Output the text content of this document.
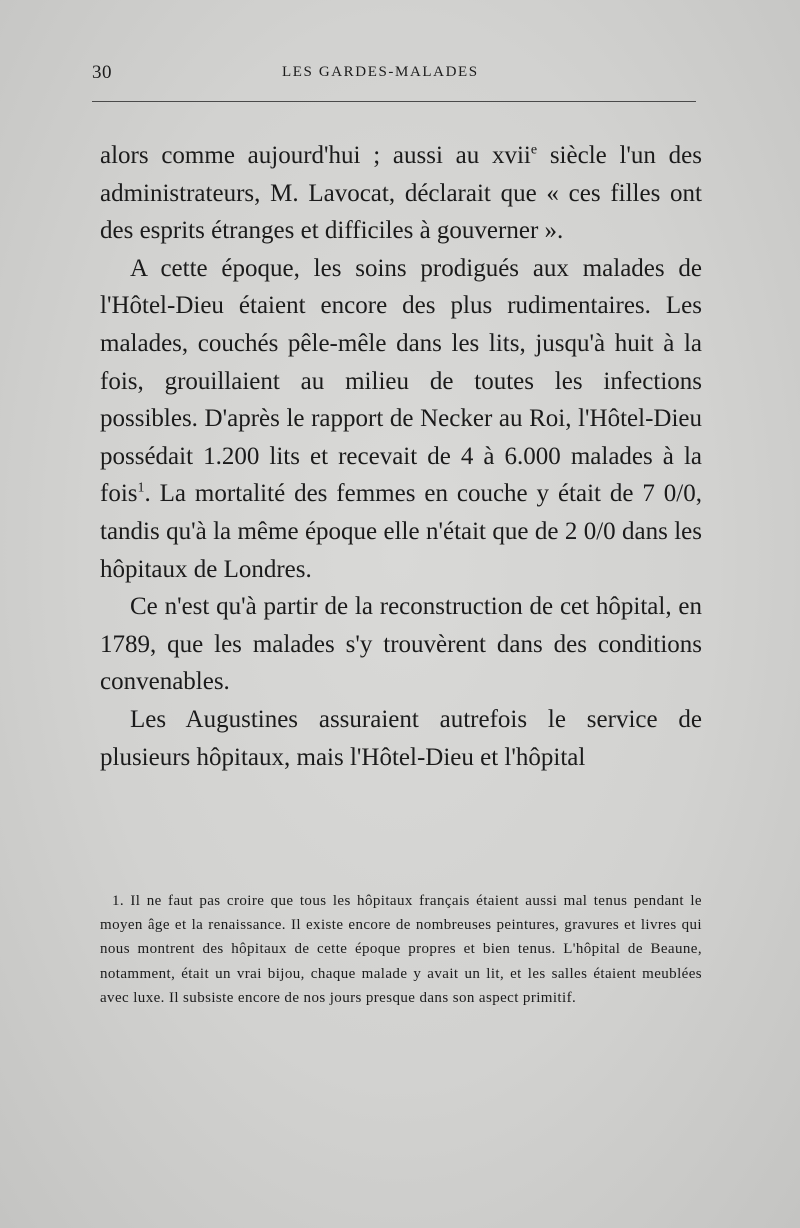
30	LES GARDES-MALADES

alors comme aujourd'hui ; aussi au xvii$^e$ siècle l'un des administrateurs, M. Lavocat, déclarait que « ces filles ont des esprits étranges et difficiles à gouverner ».

A cette époque, les soins prodigués aux malades de l'Hôtel-Dieu étaient encore des plus rudimentaires. Les malades, couchés pêle-mêle dans les lits, jusqu'à huit à la fois, grouillaient au milieu de toutes les infections possibles. D'après le rapport de Necker au Roi, l'Hôtel-Dieu possédait 1.200 lits et recevait de 4 à 6.000 malades à la fois$^1$. La mortalité des femmes en couche y était de 7 0/0, tandis qu'à la même époque elle n'était que de 2 0/0 dans les hôpitaux de Londres.

Ce n'est qu'à partir de la reconstruction de cet hôpital, en 1789, que les malades s'y trouvèrent dans des conditions convenables.

Les Augustines assuraient autrefois le service de plusieurs hôpitaux, mais l'Hôtel-Dieu et l'hôpital

1. Il ne faut pas croire que tous les hôpitaux français étaient aussi mal tenus pendant le moyen âge et la renaissance. Il existe encore de nombreuses peintures, gravures et livres qui nous montrent des hôpitaux de cette époque propres et bien tenus. L'hôpital de Beaune, notamment, était un vrai bijou, chaque malade y avait un lit, et les salles étaient meublées avec luxe. Il subsiste encore de nos jours presque dans son aspect primitif.
